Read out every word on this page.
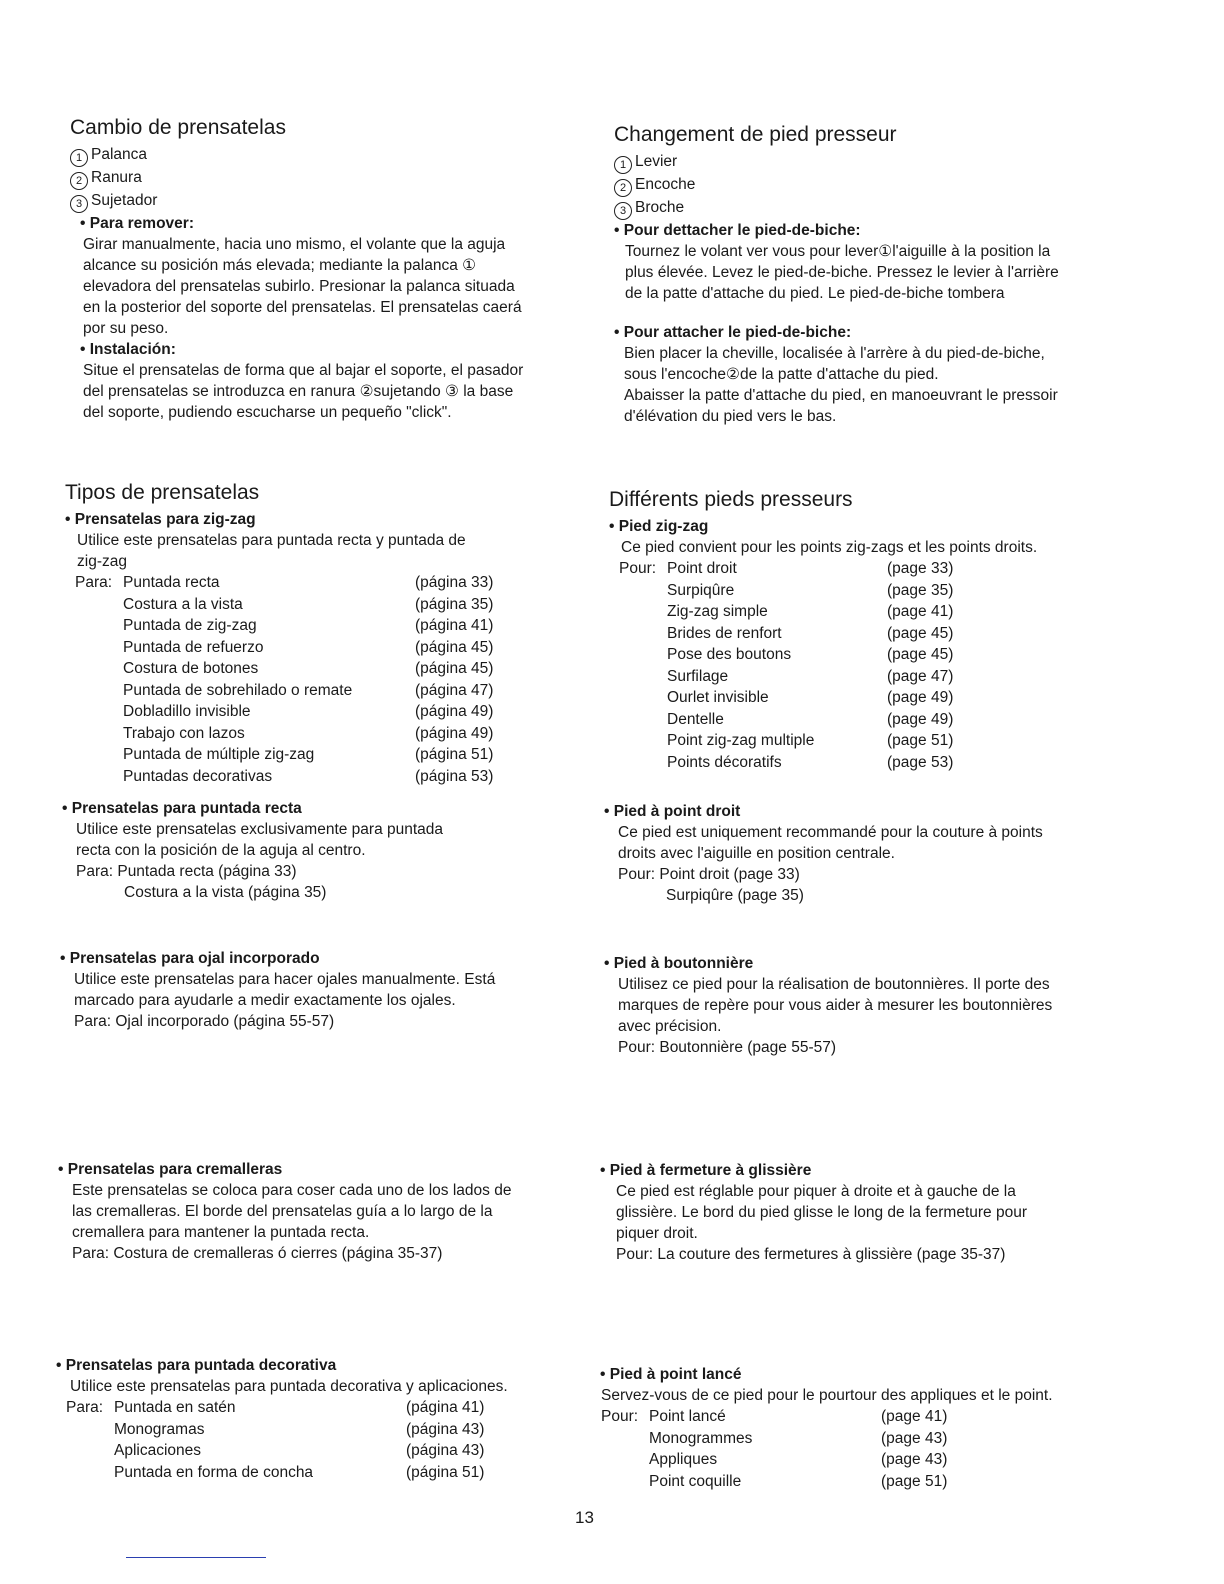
Cambio de prensatelas

1 Palanca

2 Ranura

3 Sujetador

• Para remover:

Girar manualmente, hacia uno mismo, el volante que la aguja

alcance su posición más elevada; mediante la palanca ①

elevadora del prensatelas subirlo. Presionar la palanca situada

en la posterior del soporte del prensatelas. El prensatelas caerá

por su peso.

• Instalación:

Situe el prensatelas de forma que al bajar el soporte, el pasador

del prensatelas se introduzca en ranura ②sujetando ③ la base

del soporte, pudiendo escucharse un pequeño "click".

Tipos de prensatelas

• Prensatelas para zig-zag

Utilice este prensatelas para puntada recta y puntada de

zig-zag

Para:	Puntada recta	(página 33)
	Costura a la vista	(página 35)
	Puntada de zig-zag	(página 41)
	Puntada de refuerzo	(página 45)
	Costura de botones	(página 45)
	Puntada de sobrehilado o remate	(página 47)
	Dobladillo invisible	(página 49)
	Trabajo con lazos	(página 49)
	Puntada de múltiple zig-zag	(página 51)
	Puntadas decorativas	(página 53)

• Prensatelas para puntada recta

Utilice este prensatelas exclusivamente para puntada

recta con la posición de la aguja al centro.

Para: Puntada recta (página 33)

Costura a la vista (página 35)

• Prensatelas para ojal incorporado

Utilice este prensatelas para hacer ojales manualmente. Está

marcado para ayudarle a medir exactamente los ojales.

Para: Ojal incorporado (página 55-57)

• Prensatelas para cremalleras

Este prensatelas se coloca para coser cada uno de los lados de

las cremalleras. El borde del prensatelas guía a lo largo de la

cremallera para mantener la puntada recta.

Para: Costura de cremalleras ó cierres (página 35-37)

• Prensatelas para puntada decorativa

Utilice este prensatelas para puntada decorativa y aplicaciones.

Para:	Puntada en satén	(página 41)
	Monogramas	(página 43)
	Aplicaciones	(página 43)
	Puntada en forma de concha	(página 51)
Changement de pied presseur

1 Levier

2 Encoche

3 Broche

• Pour dettacher le pied-de-biche:

Tournez le volant ver vous pour lever①l'aiguille à la position la

plus élevée. Levez le pied-de-biche. Pressez le levier à l'arrière

de la patte d'attache du pied. Le pied-de-biche tombera

• Pour attacher le pied-de-biche:

Bien placer la cheville, localisée à l'arrère à du pied-de-biche,

sous l'encoche②de la patte d'attache du pied.

Abaisser la patte d'attache du pied, en manoeuvrant le pressoir

d'élévation du pied vers le bas.

Différents pieds presseurs

• Pied zig-zag

Ce pied convient pour les points zig-zags et les points droits.

Pour:	Point droit	(page 33)
	Surpiqûre	(page 35)
	Zig-zag simple	(page 41)
	Brides de renfort	(page 45)
	Pose des boutons	(page 45)
	Surfilage	(page 47)
	Ourlet invisible	(page 49)
	Dentelle	(page 49)
	Point zig-zag multiple	(page 51)
	Points décoratifs	(page 53)

• Pied à point droit

Ce pied est uniquement recommandé pour la couture à points

droits avec l'aiguille en position centrale.

Pour: Point droit (page 33)

Surpiqûre (page 35)

• Pied à boutonnière

Utilisez ce pied pour la réalisation de boutonnières. Il porte des

marques de repère pour vous aider à mesurer les boutonnières

avec précision.

Pour: Boutonnière (page 55-57)

• Pied à fermeture à glissière

Ce pied est réglable pour piquer à droite et à gauche de la

glissière. Le bord du pied glisse le long de la fermeture pour

piquer droit.

Pour: La couture des fermetures à glissière (page 35-37)

• Pied à point lancé

Servez-vous de ce pied pour le pourtour des appliques et le point.

Pour:	Point lancé	(page 41)
	Monogrammes	(page 43)
	Appliques	(page 43)
	Point coquille	(page 51)
13
